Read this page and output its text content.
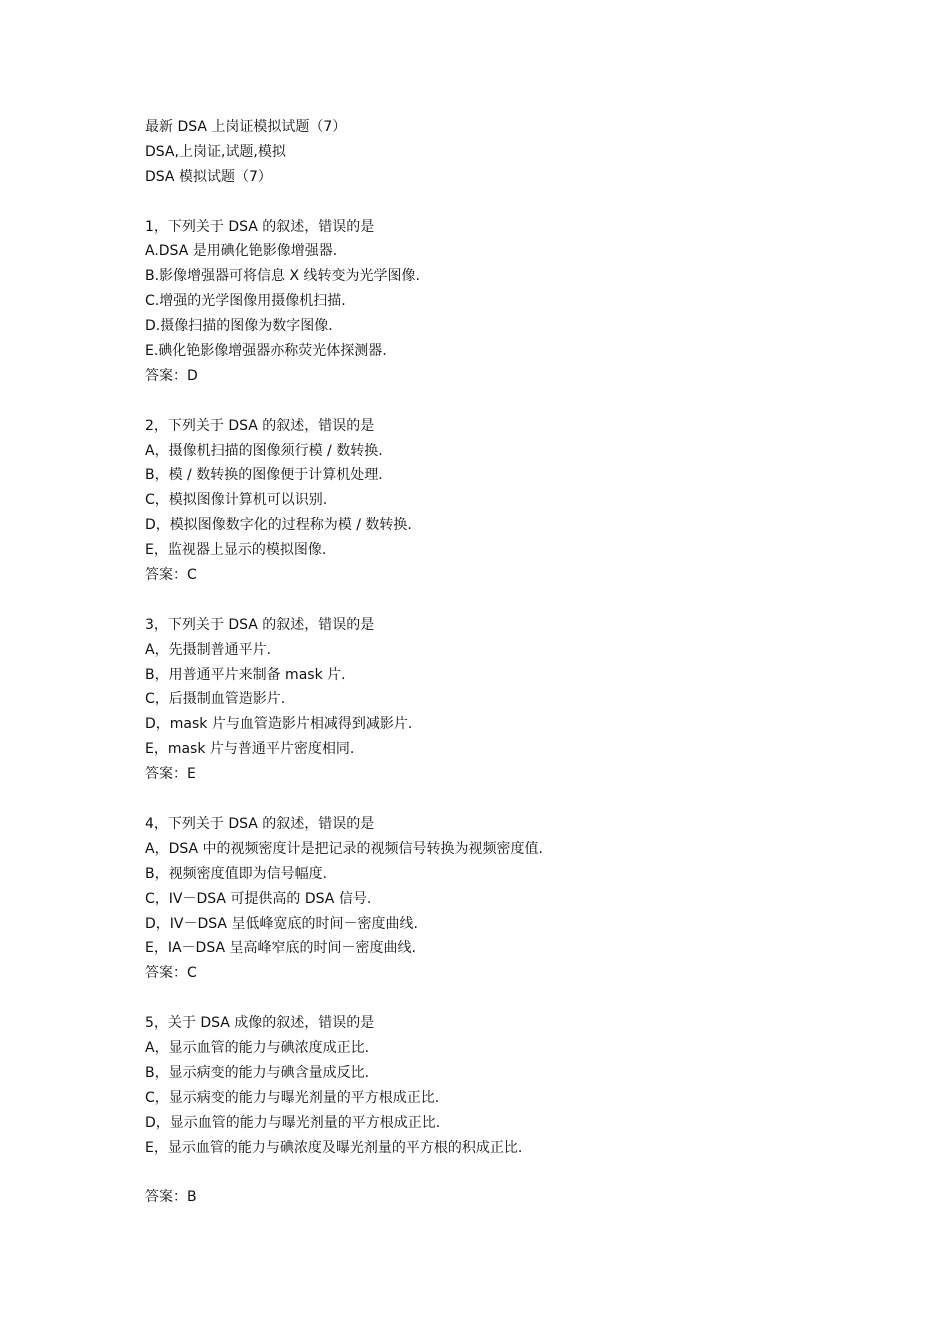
最新 DSA 上岗证模拟试题（7）
DSA,上岗证,试题,模拟
DSA 模拟试题（7）
1，下列关于 DSA 的叙述，错误的是
A.DSA 是用碘化铯影像增强器.
B.影像增强器可将信息 X 线转变为光学图像.
C.增强的光学图像用摄像机扫描.
D.摄像扫描的图像为数字图像.
E.碘化铯影像增强器亦称荧光体探测器.
答案：D
2，下列关于 DSA 的叙述，错误的是
A，摄像机扫描的图像须行模 / 数转换.
B，模 / 数转换的图像便于计算机处理.
C，模拟图像计算机可以识别.
D，模拟图像数字化的过程称为模 / 数转换.
E，监视器上显示的模拟图像.
答案：C
3，下列关于 DSA 的叙述，错误的是
A，先摄制普通平片.
B，用普通平片来制备 mask 片.
C，后摄制血管造影片.
D，mask 片与血管造影片相减得到减影片.
E，mask 片与普通平片密度相同.
答案：E
4，下列关于 DSA 的叙述，错误的是
A，DSA 中的视频密度计是把记录的视频信号转换为视频密度值.
B，视频密度值即为信号幅度.
C，IV－DSA 可提供高的 DSA 信号.
D，IV－DSA 呈低峰宽底的时间－密度曲线.
E，IA－DSA 呈高峰窄底的时间－密度曲线.
答案：C
5，关于 DSA 成像的叙述，错误的是
A，显示血管的能力与碘浓度成正比.
B，显示病变的能力与碘含量成反比.
C，显示病变的能力与曝光剂量的平方根成正比.
D，显示血管的能力与曝光剂量的平方根成正比.
E，显示血管的能力与碘浓度及曝光剂量的平方根的积成正比.
答案：B
